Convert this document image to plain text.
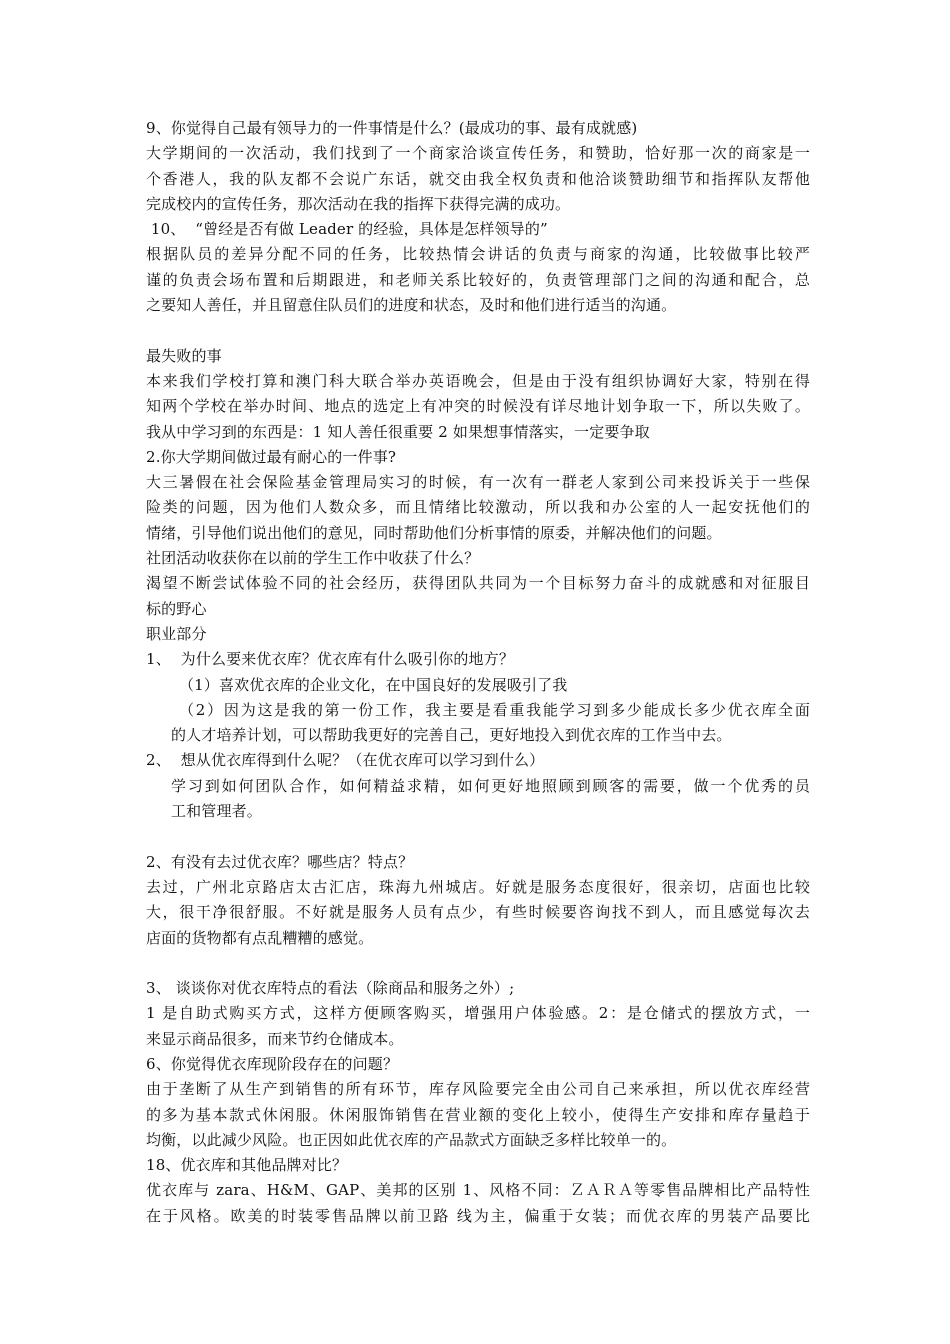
9、你觉得自己最有领导力的一件事情是什么？(最成功的事、最有成就感)
大学期间的一次活动，我们找到了一个商家洽谈宣传任务，和赞助，恰好那一次的商家是一
个香港人，我的队友都不会说广东话，就交由我全权负责和他洽谈赞助细节和指挥队友帮他
完成校内的宣传任务，那次活动在我的指挥下获得完满的成功。
10、  “曾经是否有做 Leader 的经验，具体是怎样领导的”
根据队员的差异分配不同的任务，比较热情会讲话的负责与商家的沟通，比较做事比较严
谨的负责会场布置和后期跟进，和老师关系比较好的，负责管理部门之间的沟通和配合，总
之要知人善任，并且留意住队员们的进度和状态，及时和他们进行适当的沟通。
最失败的事
本来我们学校打算和澳门科大联合举办英语晚会，但是由于没有组织协调好大家，特别在得
知两个学校在举办时间、地点的选定上有冲突的时候没有详尽地计划争取一下，所以失败了。
我从中学习到的东西是：1 知人善任很重要 2 如果想事情落实，一定要争取
2.你大学期间做过最有耐心的一件事?
大三暑假在社会保险基金管理局实习的时候，有一次有一群老人家到公司来投诉关于一些保
险类的问题，因为他们人数众多，而且情绪比较激动，所以我和办公室的人一起安抚他们的
情绪，引导他们说出他们的意见，同时帮助他们分析事情的原委，并解决他们的问题。
社团活动收获你在以前的学生工作中收获了什么？
渴望不断尝试体验不同的社会经历，获得团队共同为一个目标努力奋斗的成就感和对征服目
标的野心
职业部分
1、  为什么要来优衣库？优衣库有什么吸引你的地方？
（1）喜欢优衣库的企业文化，在中国良好的发展吸引了我
（2）因为这是我的第一份工作，我主要是看重我能学习到多少能成长多少优衣库全面
的人才培养计划，可以帮助我更好的完善自己，更好地投入到优衣库的工作当中去。
2、  想从优衣库得到什么呢？（在优衣库可以学习到什么）
学习到如何团队合作，如何精益求精，如何更好地照顾到顾客的需要，做一个优秀的员
工和管理者。
2、有没有去过优衣库？哪些店？特点？
去过，广州北京路店太古汇店，珠海九州城店。好就是服务态度很好，很亲切，店面也比较
大，很干净很舒服。不好就是服务人员有点少，有些时候要咨询找不到人，而且感觉每次去
店面的货物都有点乱糟糟的感觉。
3、 谈谈你对优衣库特点的看法（除商品和服务之外）;
1 是自助式购买方式，这样方便顾客购买，增强用户体验感。2：是仓储式的摆放方式，一
来显示商品很多，而来节约仓储成本。
6、你觉得优衣库现阶段存在的问题？
由于垄断了从生产到销售的所有环节，库存风险要完全由公司自己来承担，所以优衣库经营
的多为基本款式休闲服。休闲服饰销售在营业额的变化上较小，使得生产安排和库存量趋于
均衡，以此减少风险。也正因如此优衣库的产品款式方面缺乏多样比较单一的。
18、优衣库和其他品牌对比？
优衣库与 zara、H&M、GAP、美邦的区别 1、风格不同：ＺＡＲＡ等零售品牌相比产品特性
在于风格。欧美的时装零售品牌以前卫路 线为主，偏重于女装；而优衣库的男装产品要比
